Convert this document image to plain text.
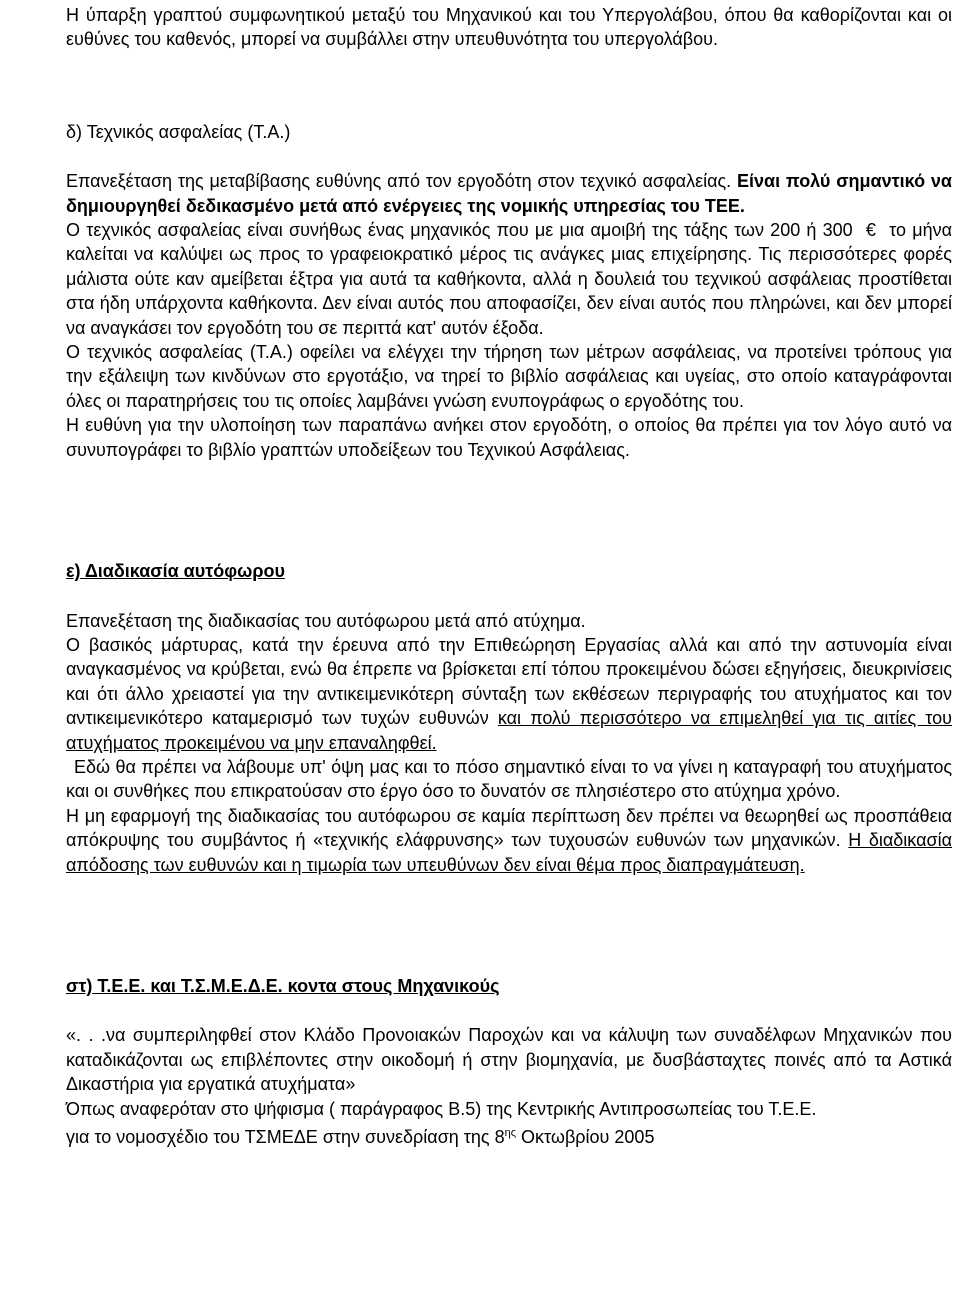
Η ύπαρξη γραπτού συμφωνητικού μεταξύ του Μηχανικού και του Υπεργολάβου, όπου θα καθορίζονται και οι ευθύνες του καθενός, μπορεί να συμβάλλει στην υπευθυνότητα του υπεργολάβου.

δ) Τεχνικός ασφαλείας (Τ.Α.)

Επανεξέταση της μεταβίβασης ευθύνης από τον εργοδότη στον τεχνικό ασφαλείας. Είναι πολύ σημαντικό να δημιουργηθεί δεδικασμένο μετά από ενέργειες της νομικής υπηρεσίας του ΤΕΕ.

Ο τεχνικός ασφαλείας είναι συνήθως ένας μηχανικός που με μια αμοιβή της τάξης των 200 ή 300 € το μήνα καλείται να καλύψει ως προς το γραφειοκρατικό μέρος τις ανάγκες μιας επιχείρησης. Τις περισσότερες φορές μάλιστα ούτε καν αμείβεται έξτρα για αυτά τα καθήκοντα, αλλά η δουλειά του τεχνικού ασφάλειας προστίθεται στα ήδη υπάρχοντα καθήκοντα. Δεν είναι αυτός που αποφασίζει, δεν είναι αυτός που πληρώνει, και δεν μπορεί να αναγκάσει τον εργοδότη του σε περιττά κατ' αυτόν έξοδα.

Ο τεχνικός ασφαλείας (Τ.Α.) οφείλει να ελέγχει την τήρηση των μέτρων ασφάλειας, να προτείνει τρόπους για την εξάλειψη των κινδύνων στο εργοτάξιο, να τηρεί το βιβλίο ασφάλειας και υγείας, στο οποίο καταγράφονται όλες οι παρατηρήσεις του τις οποίες λαμβάνει γνώση ενυπογράφως ο εργοδότης του.

Η ευθύνη για την υλοποίηση των παραπάνω ανήκει στον εργοδότη, ο οποίος θα πρέπει για τον λόγο αυτό να συνυπογράφει το βιβλίο γραπτών υποδείξεων του Τεχνικού Ασφάλειας.

ε) Διαδικασία αυτόφωρου

Επανεξέταση της διαδικασίας του αυτόφωρου μετά από ατύχημα.

Ο βασικός μάρτυρας, κατά την έρευνα από την Επιθεώρηση Εργασίας αλλά και από την αστυνομία είναι αναγκασμένος να κρύβεται, ενώ θα έπρεπε να βρίσκεται επί τόπου προκειμένου δώσει εξηγήσεις, διευκρινίσεις και ότι άλλο χρειαστεί για την αντικειμενικότερη σύνταξη των εκθέσεων περιγραφής του ατυχήματος και τον αντικειμενικότερο καταμερισμό των τυχών ευθυνών και πολύ περισσότερο να επιμεληθεί για τις αιτίες του ατυχήματος προκειμένου να μην επαναληφθεί.

Εδώ θα πρέπει να λάβουμε υπ' όψη μας και το πόσο σημαντικό είναι το να γίνει η καταγραφή του ατυχήματος και οι συνθήκες που επικρατούσαν στο έργο όσο το δυνατόν σε πλησιέστερο στο ατύχημα χρόνο.

Η μη εφαρμογή της διαδικασίας του αυτόφωρου σε καμία περίπτωση δεν πρέπει να θεωρηθεί ως προσπάθεια απόκρυψης του συμβάντος ή «τεχνικής ελάφρυνσης» των τυχουσών ευθυνών των μηχανικών. Η διαδικασία απόδοσης των ευθυνών και η τιμωρία των υπευθύνων δεν είναι θέμα προς διαπραγμάτευση.

στ) Τ.Ε.Ε. και Τ.Σ.Μ.Ε.Δ.Ε. κοντα στους Μηχανικούς

«. . .να συμπεριληφθεί στον Κλάδο Προνοιακών Παροχών και να κάλυψη των συναδέλφων Μηχανικών που καταδικάζονται ως επιβλέποντες στην οικοδομή ή στην βιομηχανία, με δυσβάσταχτες ποινές από τα Αστικά Δικαστήρια για εργατικά ατυχήματα»

Όπως αναφερόταν στο ψήφισμα ( παράγραφος Β.5) της Κεντρικής Αντιπροσωπείας του Τ.Ε.Ε.

για το νομοσχέδιο του ΤΣΜΕΔΕ στην συνεδρίαση της $8^{\eta\varsigma}$ Οκτωβρίου 2005
